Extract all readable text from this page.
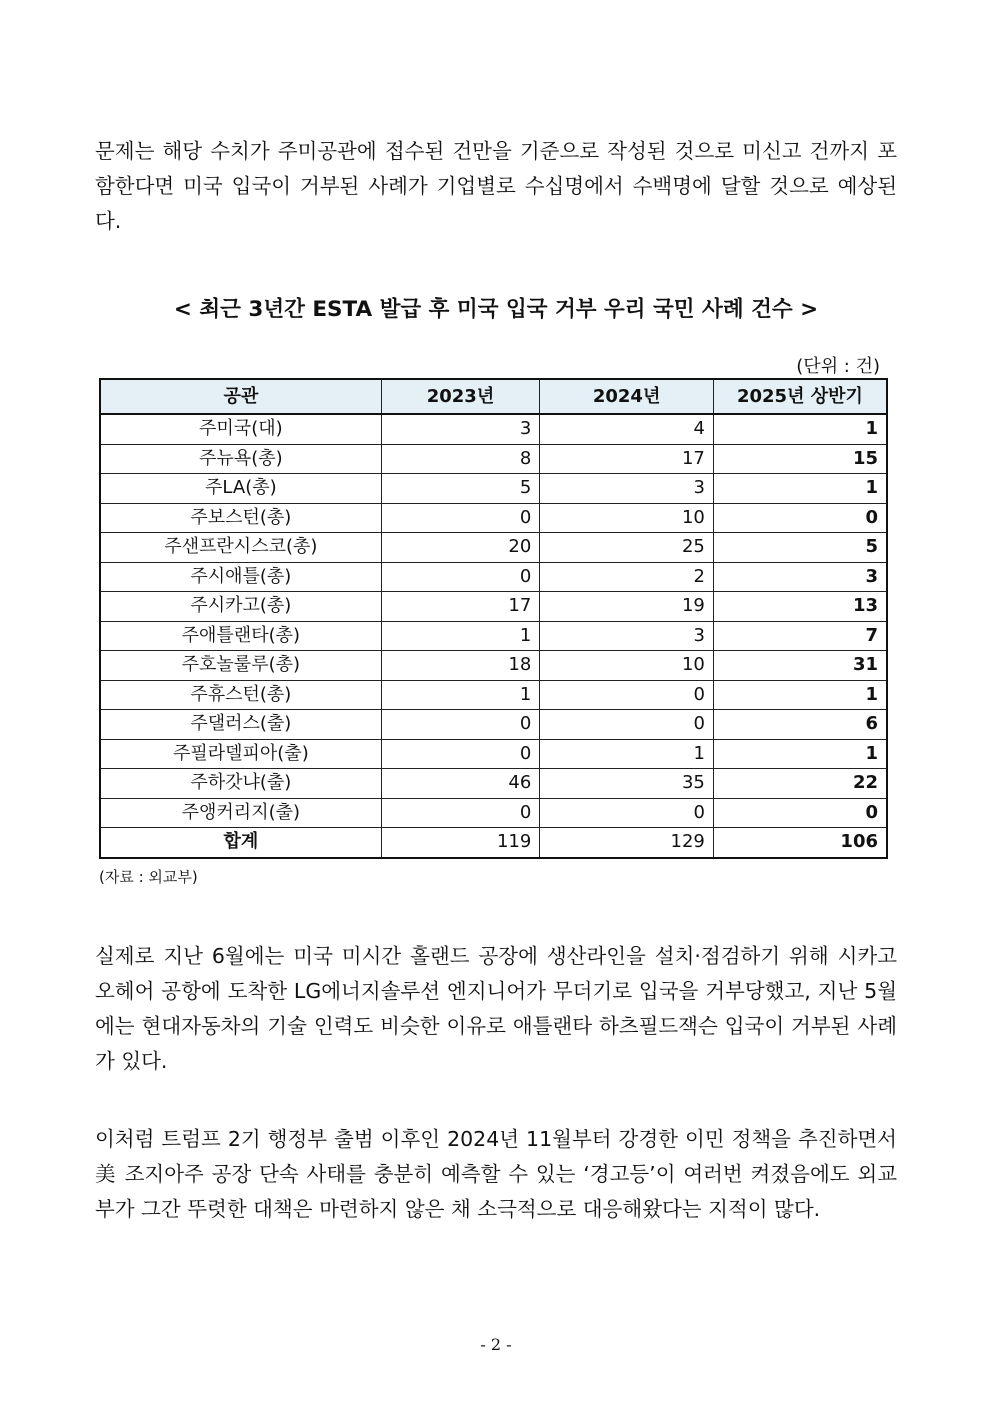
문제는 해당 수치가 주미공관에 접수된 건만을 기준으로 작성된 것으로 미신고 건까지 포함한다면 미국 입국이 거부된 사례가 기업별로 수십명에서 수백명에 달할 것으로 예상된다.

< 최근 3년간 ESTA 발급 후 미국 입국 거부 우리 국민 사례 건수 >
(단위 : 건)
공관	2023년	2024년	2025년 상반기
주미국(대)	3	4	1
주뉴욕(총)	8	17	15
주LA(총)	5	3	1
주보스턴(총)	0	10	0
주샌프란시스코(총)	20	25	5
주시애틀(총)	0	2	3
주시카고(총)	17	19	13
주애틀랜타(총)	1	3	7
주호놀룰루(총)	18	10	31
주휴스턴(총)	1	0	1
주댈러스(출)	0	0	6
주필라델피아(출)	0	1	1
주하갓냐(출)	46	35	22
주앵커리지(출)	0	0	0
합계	119	129	106
(자료 : 외교부)

실제로 지난 6월에는 미국 미시간 홀랜드 공장에 생산라인을 설치·점검하기 위해 시카고 오헤어 공항에 도착한 LG에너지솔루션 엔지니어가 무더기로 입국을 거부당했고, 지난 5월에는 현대자동차의 기술 인력도 비슷한 이유로 애틀랜타 하츠필드잭슨 입국이 거부된 사례가 있다.

이처럼 트럼프 2기 행정부 출범 이후인 2024년 11월부터 강경한 이민 정책을 추진하면서 美 조지아주 공장 단속 사태를 충분히 예측할 수 있는 ‘경고등’이 여러번 켜졌음에도 외교부가 그간 뚜렷한 대책은 마련하지 않은 채 소극적으로 대응해왔다는 지적이 많다.

- 2 -
